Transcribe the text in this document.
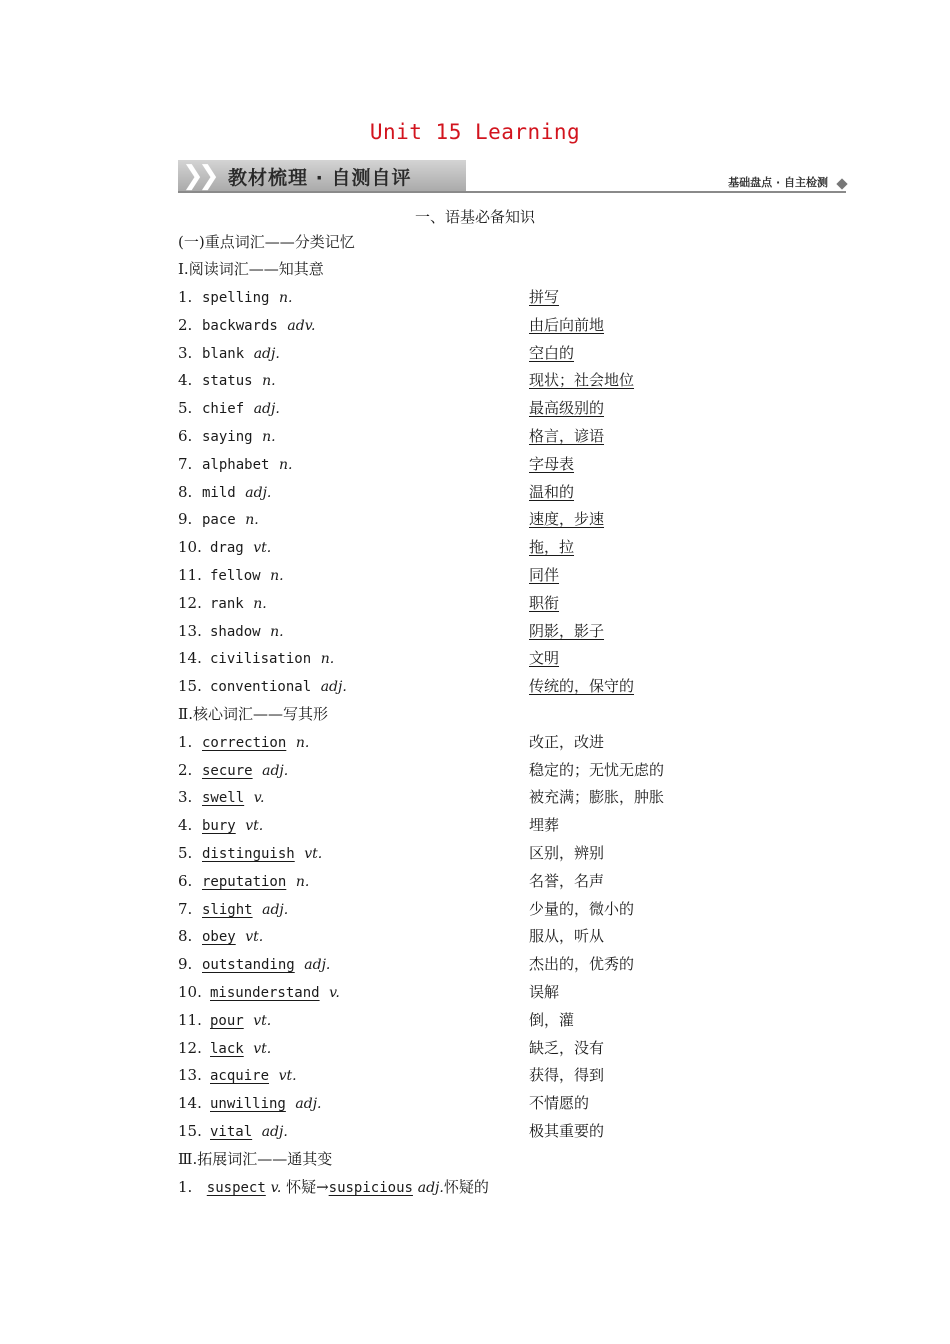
Unit 15 Learning
❯
❯ 教材梳理 · 自测自评	基础盘点 · 自主检测
一、语基必备知识
(一)重点词汇——分类记忆
Ⅰ.阅读词汇——知其意
1. spelling n.	拼写
2. backwards adv.	由后向前地
3. blank adj.	空白的
4. status n.	现状；社会地位
5. chief adj.	最高级别的
6. saying n.	格言，谚语
7. alphabet n.	字母表
8. mild adj.	温和的
9. pace n.	速度，步速
10. drag vt.	拖，拉
11. fellow n.	同伴
12. rank n.	职衔
13. shadow n.	阴影，影子
14. civilisation n.	文明
15. conventional adj.	传统的，保守的
Ⅱ.核心词汇——写其形
1. correction n.	改正，改进
2. secure adj.	稳定的；无忧无虑的
3. swell v.	被充满；膨胀，肿胀
4. bury vt.	埋葬
5. distinguish vt.	区别，辨别
6. reputation n.	名誉，名声
7. slight adj.	少量的，微小的
8. obey vt.	服从，听从
9. outstanding adj.	杰出的，优秀的
10. misunderstand v.	误解
11. pour vt.	倒，灌
12. lack vt.	缺乏，没有
13. acquire vt.	获得，得到
14. unwilling adj.	不情愿的
15. vital adj.	极其重要的
Ⅲ.拓展词汇——通其变
1. suspect v. 怀疑→suspicious adj.怀疑的
